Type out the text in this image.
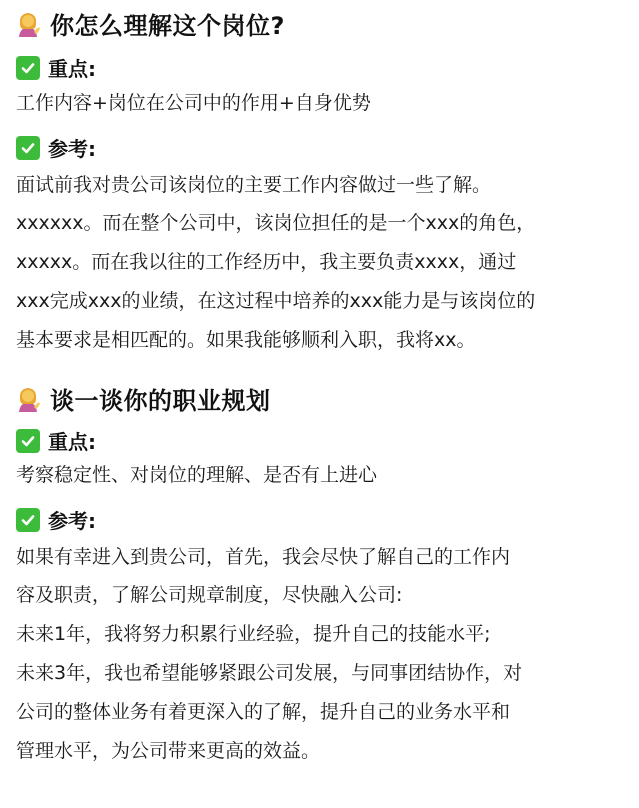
你怎么理解这个岗位?
重点:
工作内容+岗位在公司中的作用+自身优势
参考:
面试前我对贵公司该岗位的主要工作内容做过一些了解。
xxxxxx。而在整个公司中，该岗位担任的是一个xxx的角色，
xxxxx。而在我以往的工作经历中，我主要负责xxxx，通过
xxx完成xxx的业绩，在这过程中培养的xxx能力是与该岗位的
基本要求是相匹配的。如果我能够顺利入职，我将xx。
谈一谈你的职业规划
重点:
考察稳定性、对岗位的理解、是否有上进心
参考:
如果有幸进入到贵公司，首先，我会尽快了解自己的工作内
容及职责，了解公司规章制度，尽快融入公司:
未来1年，我将努力积累行业经验，提升自己的技能水平;
未来3年，我也希望能够紧跟公司发展，与同事团结协作，对
公司的整体业务有着更深入的了解，提升自己的业务水平和
管理水平，为公司带来更高的效益。
